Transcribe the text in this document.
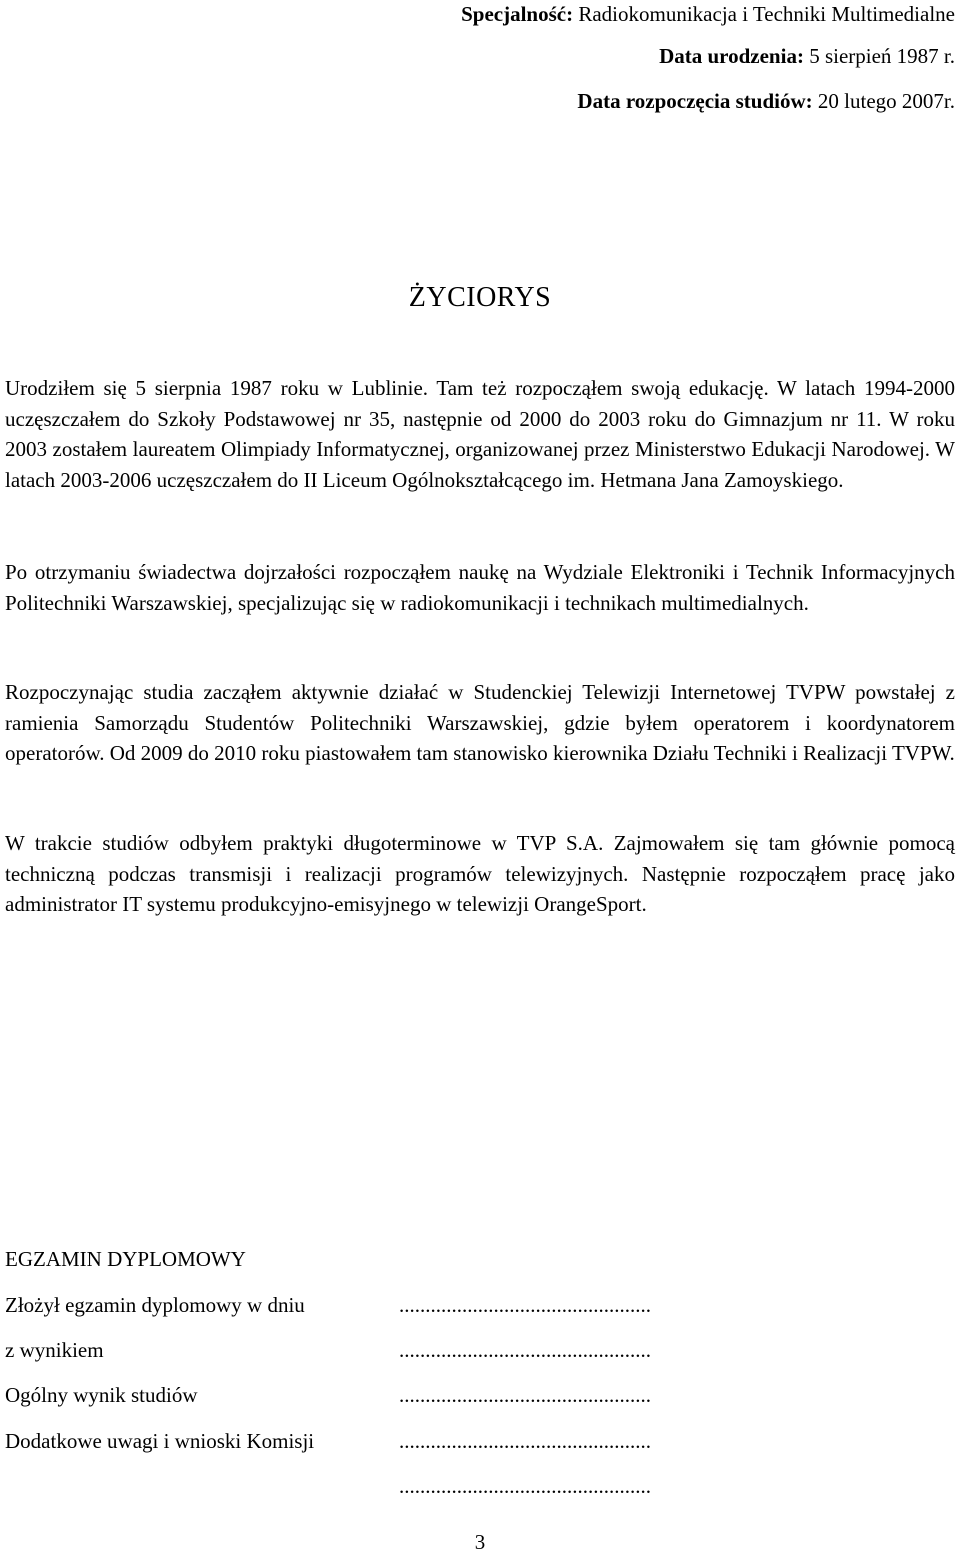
Specjalność: Radiokomunikacja i Techniki Multimedialne
Data urodzenia: 5 sierpień 1987 r.
Data rozpoczęcia studiów: 20 lutego 2007r.
ŻYCIORYS

Urodziłem się 5 sierpnia 1987 roku w Lublinie. Tam też rozpocząłem swoją edukację. W latach 1994-2000 uczęszczałem do Szkoły Podstawowej nr 35, następnie od 2000 do 2003 roku do Gimnazjum nr 11. W roku 2003 zostałem laureatem Olimpiady Informatycznej, organizowanej przez Ministerstwo Edukacji Narodowej. W latach 2003-2006 uczęszczałem do II Liceum Ogólnokształcącego im. Hetmana Jana Zamoyskiego.

Po otrzymaniu świadectwa dojrzałości rozpocząłem naukę na Wydziale Elektroniki i Technik Informacyjnych Politechniki Warszawskiej, specjalizując się w radiokomunikacji i technikach multimedialnych.

Rozpoczynając studia zacząłem aktywnie działać w Studenckiej Telewizji Internetowej TVPW powstałej z ramienia Samorządu Studentów Politechniki Warszawskiej, gdzie byłem operatorem i koordynatorem operatorów. Od 2009 do 2010 roku piastowałem tam stanowisko kierownika Działu Techniki i Realizacji TVPW.

W trakcie studiów odbyłem praktyki długoterminowe w TVP S.A. Zajmowałem się tam głównie pomocą techniczną podczas transmisji i realizacji programów telewizyjnych. Następnie rozpocząłem pracę jako administrator IT systemu produkcyjno-emisyjnego w telewizji OrangeSport.

EGZAMIN DYPLOMOWY
Złożył egzamin dyplomowy w dniu	................................................
z wynikiem	................................................
Ogólny wynik studiów	................................................
Dodatkowe uwagi i wnioski Komisji	................................................
................................................
3
